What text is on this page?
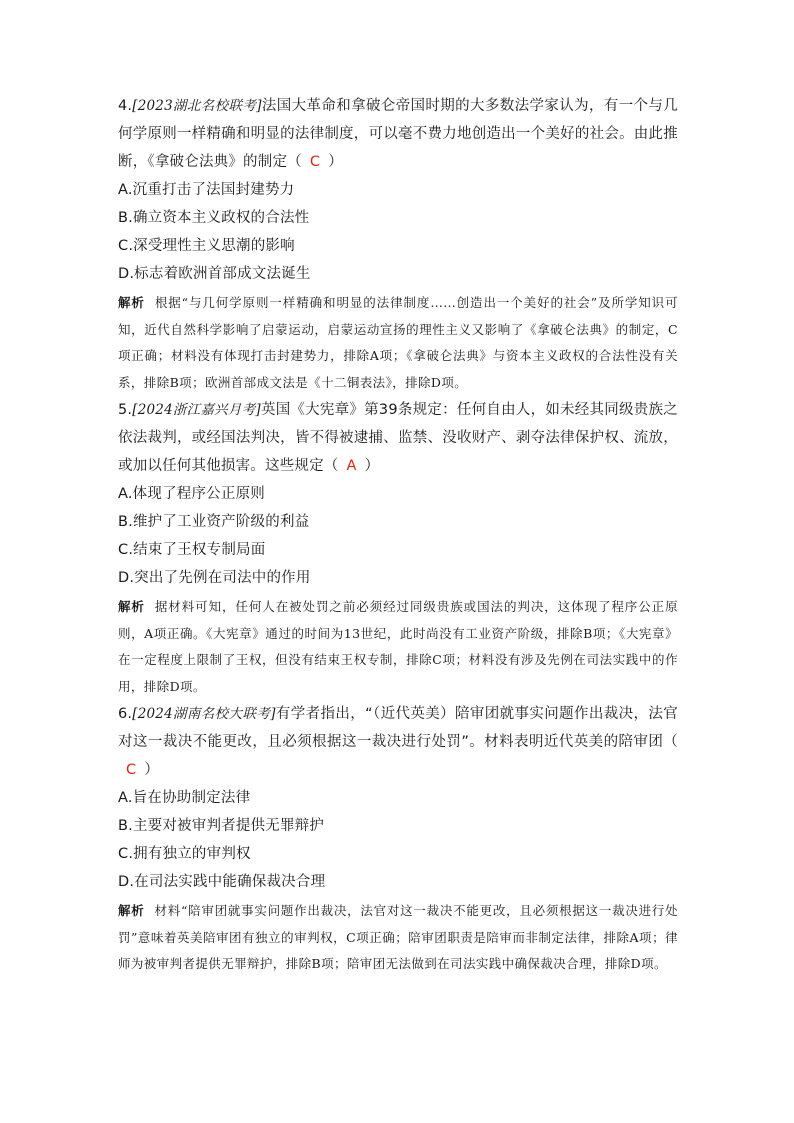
4.[2023湖北名校联考]法国大革命和拿破仑帝国时期的大多数法学家认为，有一个与几何学原则一样精确和明显的法律制度，可以毫不费力地创造出一个美好的社会。由此推断，《拿破仑法典》的制定（ C ）
A.沉重打击了法国封建势力
B.确立资本主义政权的合法性
C.深受理性主义思潮的影响
D.标志着欧洲首部成文法诞生
解析 根据“与几何学原则一样精确和明显的法律制度……创造出一个美好的社会”及所学知识可知，近代自然科学影响了启蒙运动，启蒙运动宣扬的理性主义又影响了《拿破仑法典》的制定，C项正确；材料没有体现打击封建势力，排除A项；《拿破仑法典》与资本主义政权的合法性没有关系，排除B项；欧洲首部成文法是《十二铜表法》，排除D项。
5.[2024浙江嘉兴月考]英国《大宪章》第39条规定：任何自由人，如未经其同级贵族之依法裁判，或经国法判决，皆不得被逮捕、监禁、没收财产、剥夺法律保护权、流放，或加以任何其他损害。这些规定（ A ）
A.体现了程序公正原则
B.维护了工业资产阶级的利益
C.结束了王权专制局面
D.突出了先例在司法中的作用
解析 据材料可知，任何人在被处罚之前必须经过同级贵族或国法的判决，这体现了程序公正原则，A项正确。《大宪章》通过的时间为13世纪，此时尚没有工业资产阶级，排除B项；《大宪章》在一定程度上限制了王权，但没有结束王权专制，排除C项；材料没有涉及先例在司法实践中的作用，排除D项。
6.[2024湖南名校大联考]有学者指出，“（近代英美）陪审团就事实问题作出裁决，法官对这一裁决不能更改，且必须根据这一裁决进行处罚”。材料表明近代英美的陪审团（C ）
A.旨在协助制定法律
B.主要对被审判者提供无罪辩护
C.拥有独立的审判权
D.在司法实践中能确保裁决合理
解析 材料“陪审团就事实问题作出裁决，法官对这一裁决不能更改，且必须根据这一裁决进行处罚”意味着英美陪审团有独立的审判权，C项正确；陪审团职责是陪审而非制定法律，排除A项；律师为被审判者提供无罪辩护，排除B项；陪审团无法做到在司法实践中确保裁决合理，排除D项。
